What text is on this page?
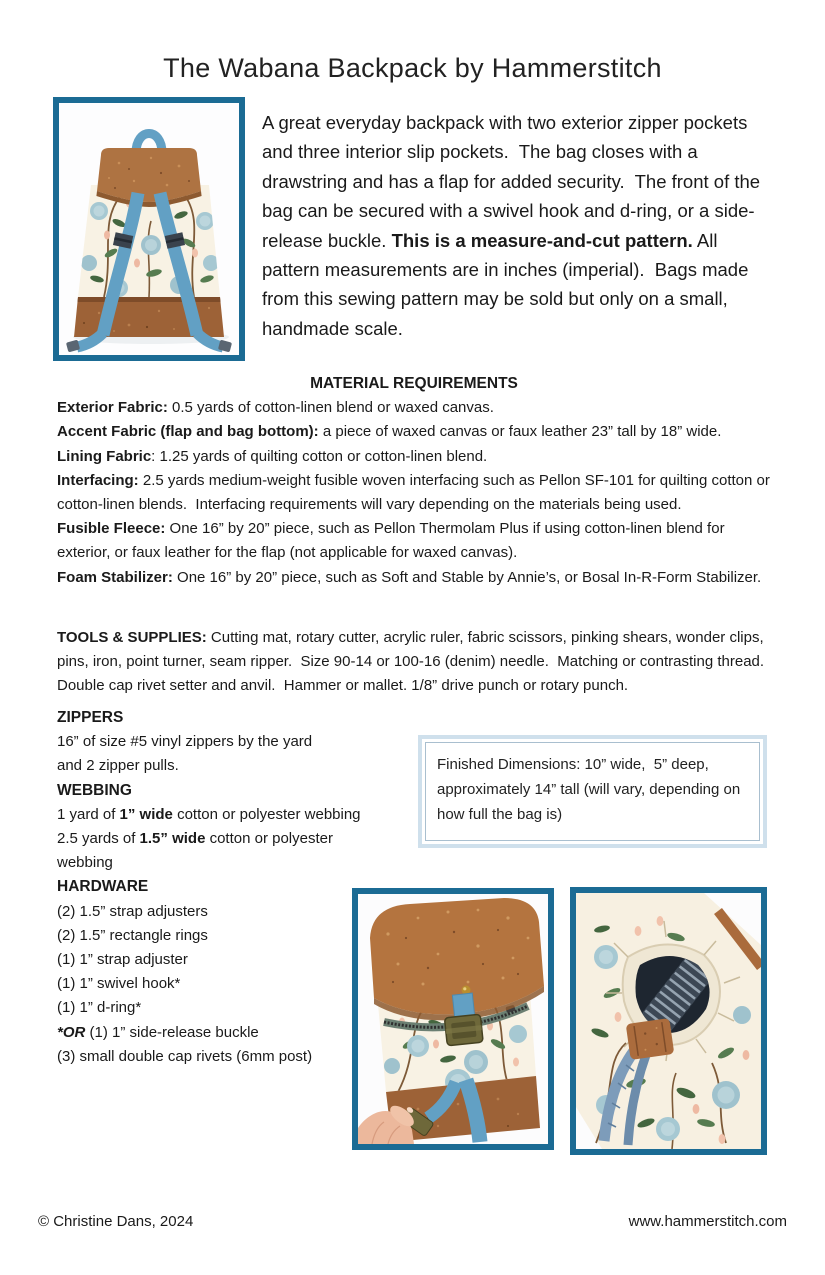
The Wabana Backpack by Hammerstitch
A great everyday backpack with two exterior zipper pockets and three interior slip pockets.  The bag closes with a drawstring and has a flap for added security.  The front of the bag can be secured with a swivel hook and d-ring, or a side-release buckle. This is a measure-and-cut pattern. All pattern measurements are in inches (imperial).  Bags made from this sewing pattern may be sold but only on a small, handmade scale.
MATERIAL REQUIREMENTS
Exterior Fabric: 0.5 yards of cotton-linen blend or waxed canvas.
Accent Fabric (flap and bag bottom): a piece of waxed canvas or faux leather 23” tall by 18” wide.
Lining Fabric: 1.25 yards of quilting cotton or cotton-linen blend.
Interfacing: 2.5 yards medium-weight fusible woven interfacing such as Pellon SF-101 for quilting cotton or cotton-linen blends.  Interfacing requirements will vary depending on the materials being used.
Fusible Fleece: One 16” by 20” piece, such as Pellon Thermolam Plus if using cotton-linen blend for exterior, or faux leather for the flap (not applicable for waxed canvas).
Foam Stabilizer: One 16” by 20” piece, such as Soft and Stable by Annie’s, or Bosal In-R-Form Stabilizer.
TOOLS & SUPPLIES: Cutting mat, rotary cutter, acrylic ruler, fabric scissors, pinking shears, wonder clips, pins, iron, point turner, seam ripper.  Size 90-14 or 100-16 (denim) needle.  Matching or contrasting thread. Double cap rivet setter and anvil.  Hammer or mallet. 1/8” drive punch or rotary punch.
ZIPPERS
16” of size #5 vinyl zippers by the yard
and 2 zipper pulls.
WEBBING
1 yard of 1” wide cotton or polyester webbing
2.5 yards of 1.5” wide cotton or polyester webbing
HARDWARE
(2) 1.5” strap adjusters
(2) 1.5” rectangle rings
(1) 1” strap adjuster
(1) 1” swivel hook*
(1) 1” d-ring*
*OR (1) 1” side-release buckle
(3) small double cap rivets (6mm post)
Finished Dimensions: 10” wide,  5” deep, approximately 14” tall (will vary, depending on how full the bag is)
© Christine Dans, 2024	www.hammerstitch.com
